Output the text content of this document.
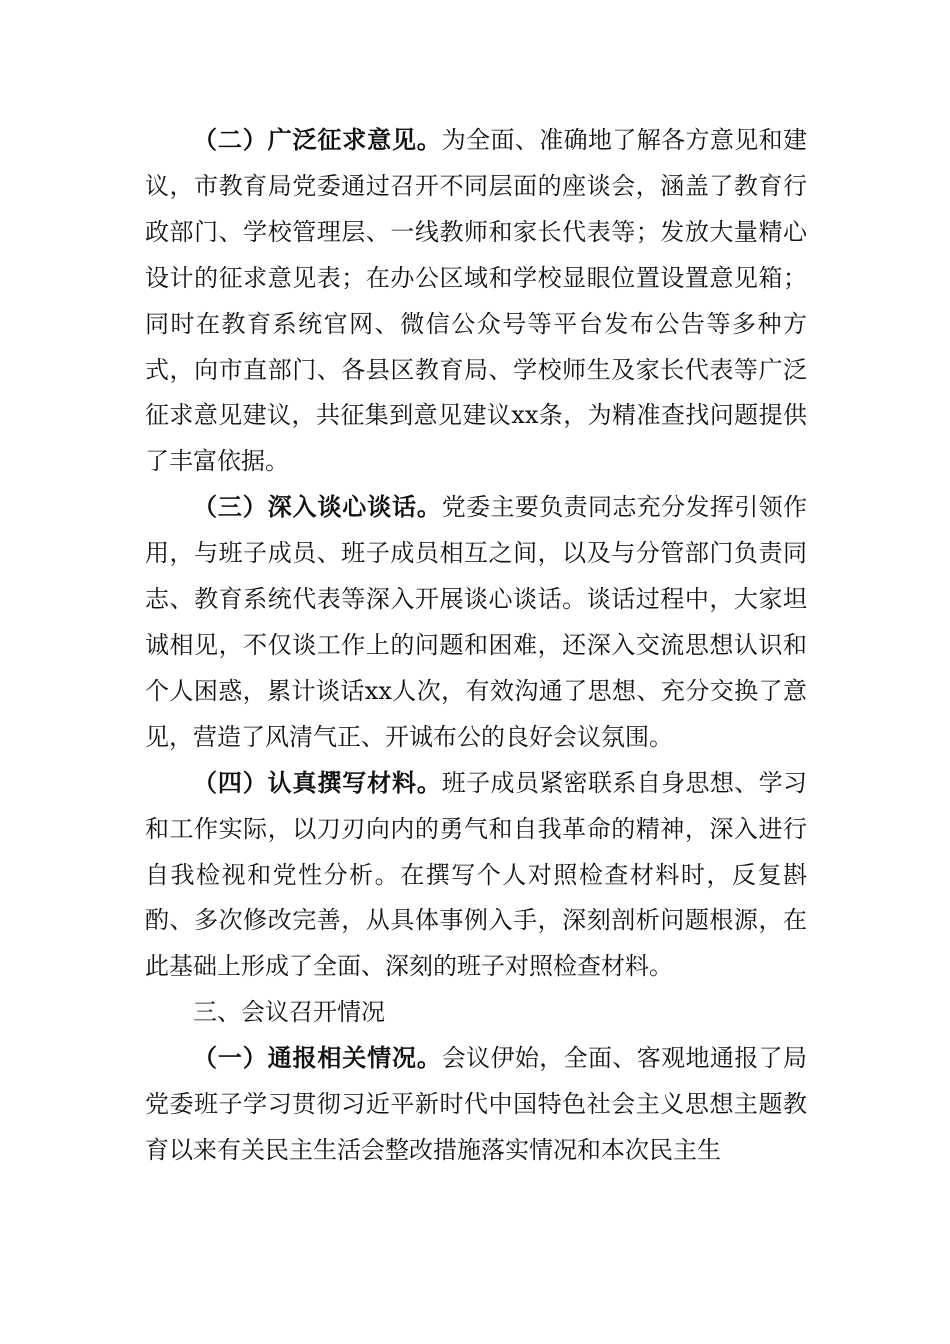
（二）广泛征求意见。为全面、准确地了解各方意见和建议，市教育局党委通过召开不同层面的座谈会，涵盖了教育行政部门、学校管理层、一线教师和家长代表等；发放大量精心设计的征求意见表；在办公区域和学校显眼位置设置意见箱；同时在教育系统官网、微信公众号等平台发布公告等多种方式，向市直部门、各县区教育局、学校师生及家长代表等广泛征求意见建议，共征集到意见建议xx条，为精准查找问题提供了丰富依据。

（三）深入谈心谈话。党委主要负责同志充分发挥引领作用，与班子成员、班子成员相互之间，以及与分管部门负责同志、教育系统代表等深入开展谈心谈话。谈话过程中，大家坦诚相见，不仅谈工作上的问题和困难，还深入交流思想认识和个人困惑，累计谈话xx人次，有效沟通了思想、充分交换了意见，营造了风清气正、开诚布公的良好会议氛围。

（四）认真撰写材料。班子成员紧密联系自身思想、学习和工作实际，以刀刃向内的勇气和自我革命的精神，深入进行自我检视和党性分析。在撰写个人对照检查材料时，反复斟酌、多次修改完善，从具体事例入手，深刻剖析问题根源，在此基础上形成了全面、深刻的班子对照检查材料。

三、会议召开情况

（一）通报相关情况。会议伊始，全面、客观地通报了局党委班子学习贯彻习近平新时代中国特色社会主义思想主题教育以来有关民主生活会整改措施落实情况和本次民主生
